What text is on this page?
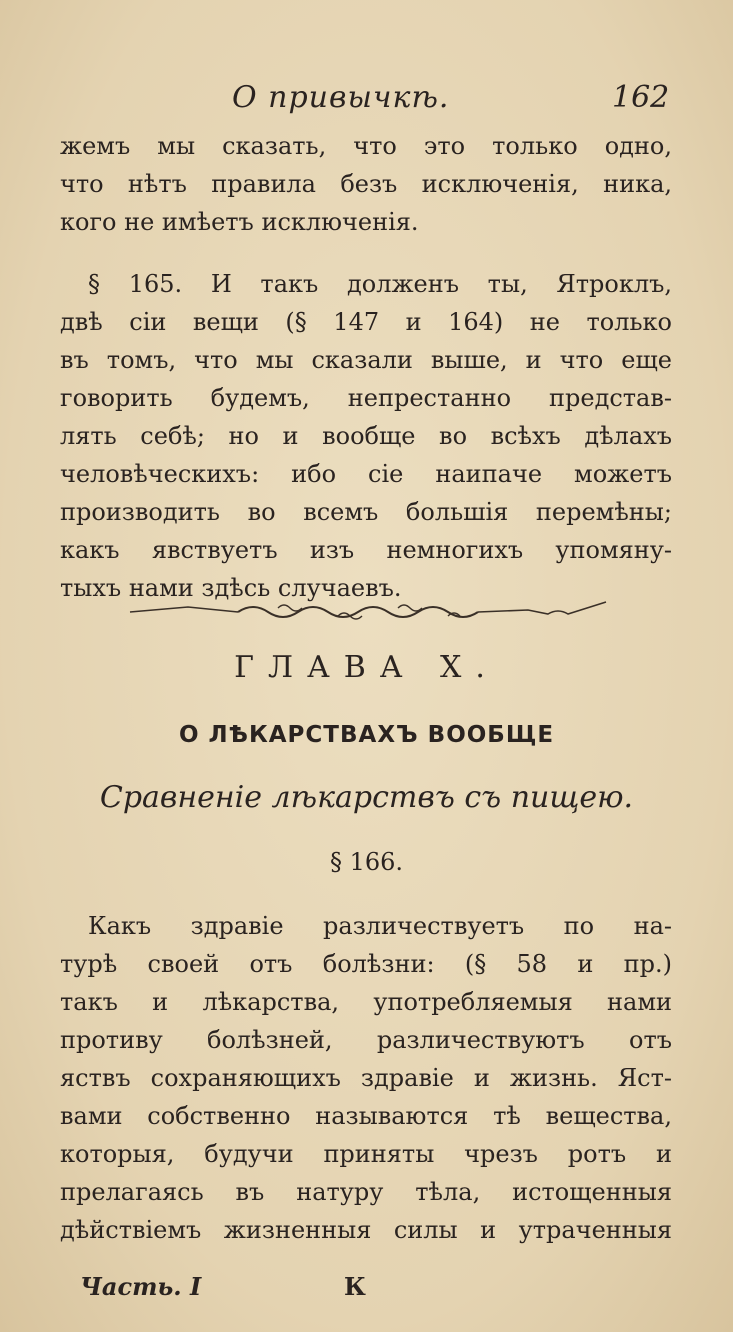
О привычкѣ.	162
жемъ мы сказать, что это только одно,
что нѣтъ правила безъ исключенія, ника,
кого не имѣетъ исключенія.
§ 165. И такъ долженъ ты, Ятроклъ,
двѣ сіи вещи (§ 147 и 164) не только
въ томъ, что мы сказали выше, и что еще
говорить будемъ, непрестанно представ-
лять себѣ; но и вообще во всѣхъ дѣлахъ
человѣческихъ: ибо сіе наипаче можетъ
производить во всемъ большія перемѣны;
какъ явствуетъ изъ немногихъ упомяну-
тыхъ нами здѣсь случаевъ.
ГЛАВА X.
О ЛѢКАРСТВАХЪ ВООБЩЕ
Сравненіе лѣкарствъ съ пищею.
§ 166.
Какъ здравіе различествуетъ по на-
турѣ своей отъ болѣзни: (§ 58 и пр.)
такъ и лѣкарства, употребляемыя нами
противу болѣзней, различествуютъ отъ
яствъ сохраняющихъ здравіе и жизнь. Яст-
вами собственно называются тѣ вещества,
которыя, будучи приняты чрезъ ротъ и
прелагаясь въ натуру тѣла, истощенныя
дѣйствіемъ жизненныя силы и утраченныя
Часть. I	К
